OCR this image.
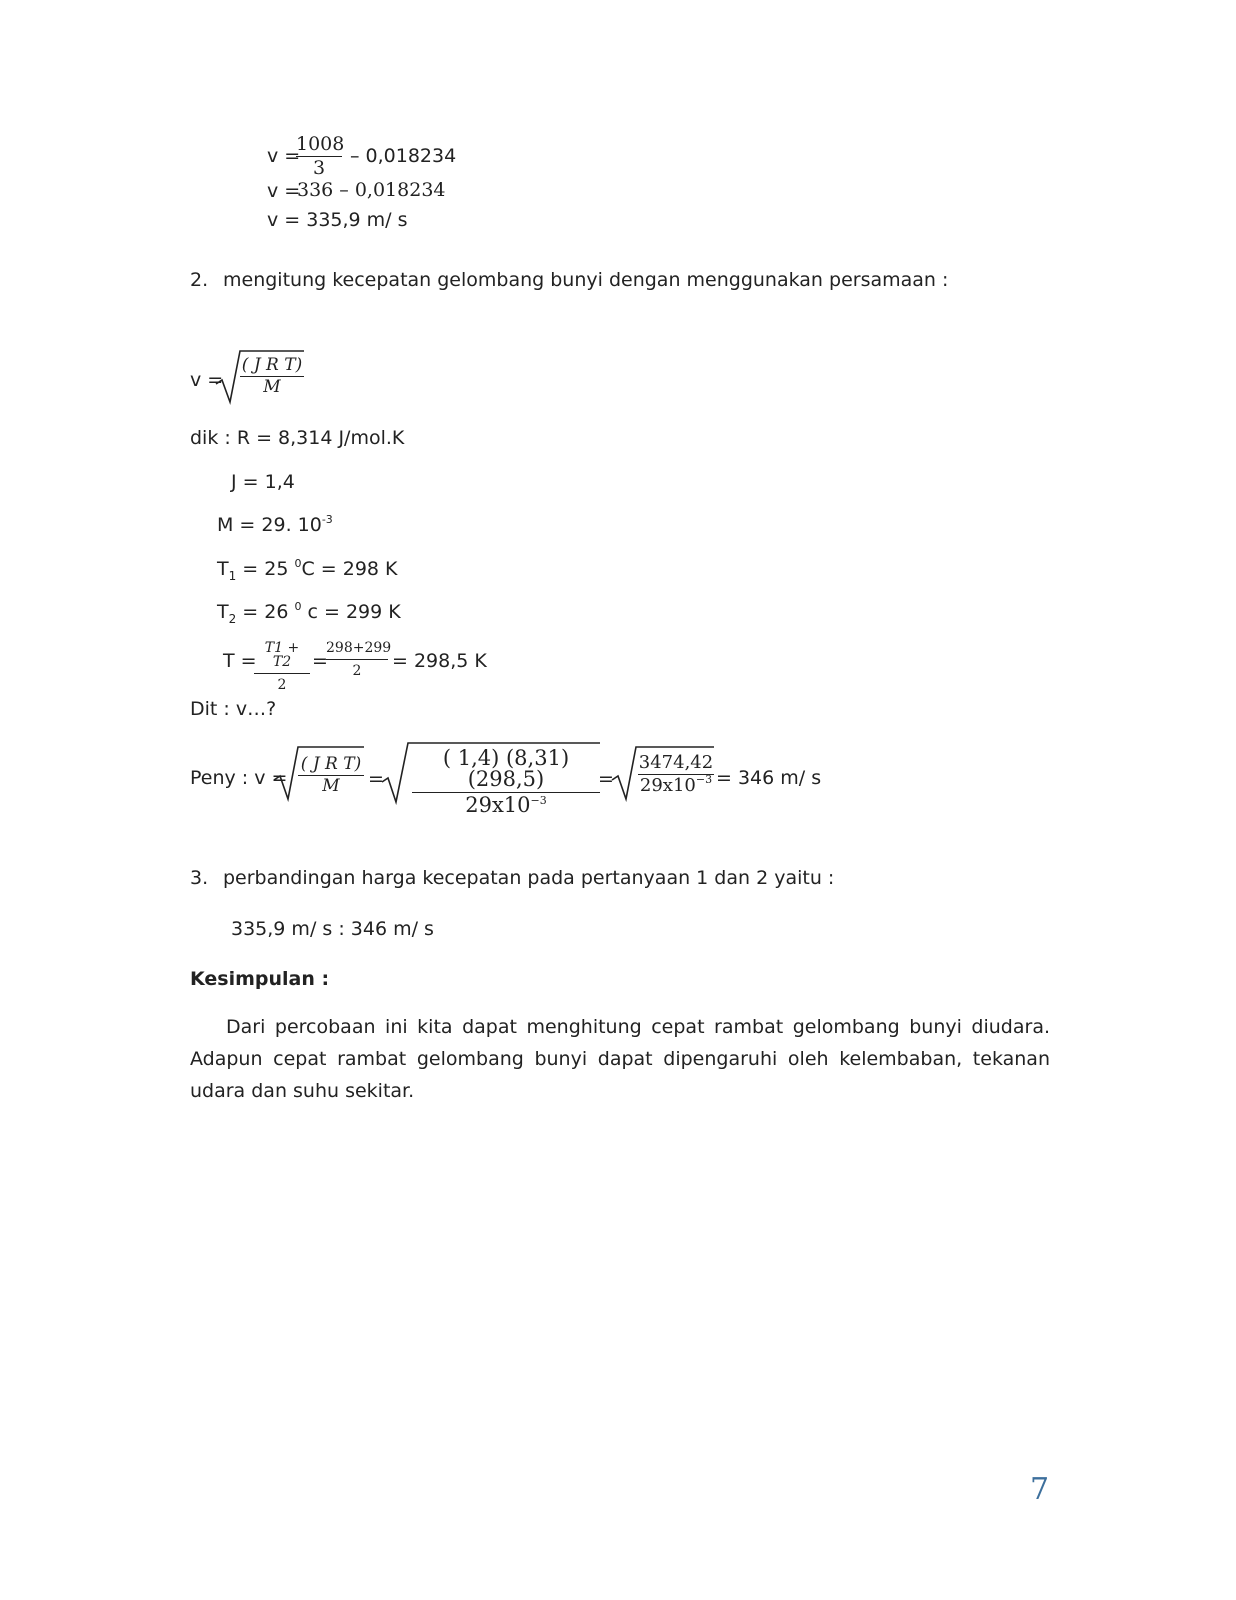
v =
1008
3
– 0,018234
v =
336 – 0,018234
v = 335,9 m/ s
2. mengitung kecepatan gelombang bunyi dengan menggunakan persamaan :
v =
( J R T)
M
dik : R = 8,314 J/mol.K
J = 1,4
M = 29. $10^{-3}$
$T_1 = 25$ $^0$C = 298 K
$T_2 = 26$ $^0$ c = 299 K
T =
T1 + T2
2
=
298+299
2	= 298,5 K
Dit : v…?
Peny : v =
( J R T)
M	=
( 1,4) (8,31)(298,5)
$29x10^{-3}$
=
3474,42
$29x10^{-3} = 346$ m/ s
3. perbandingan harga kecepatan pada pertanyaan 1 dan 2 yaitu :
335,9 m/ s : 346 m/ s
Kesimpulan :

Dari percobaan ini kita dapat menghitung cepat rambat gelombang bunyi diudara. Adapun cepat rambat gelombang bunyi dapat dipengaruhi oleh kelembaban, tekanan udara dan suhu sekitar.

7
